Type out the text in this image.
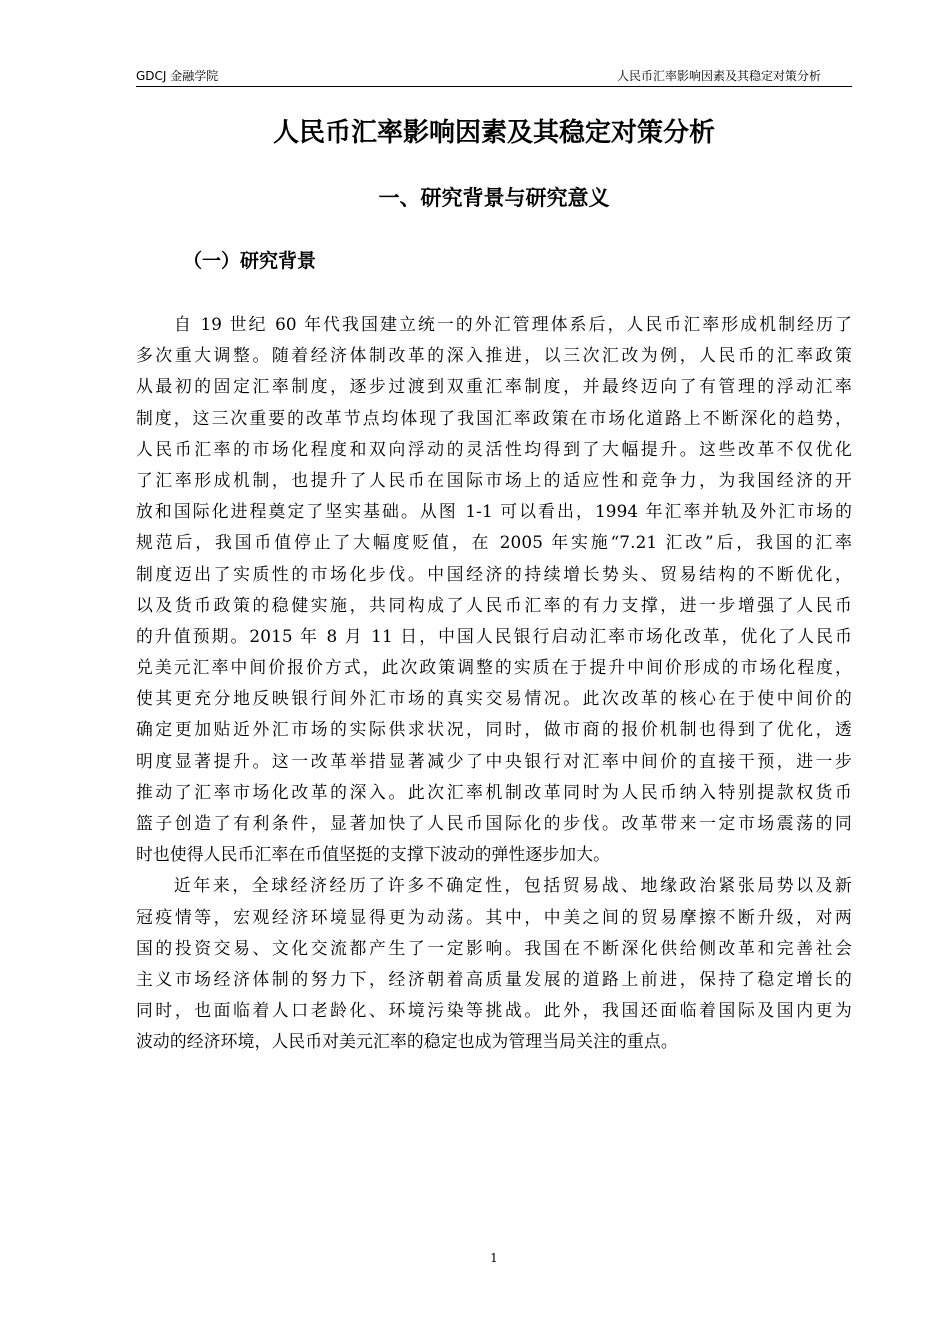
GDCJ 金融学院	人民币汇率影响因素及其稳定对策分析
人民币汇率影响因素及其稳定对策分析
一、研究背景与研究意义
（一）研究背景
自 19 世纪 60 年代我国建立统一的外汇管理体系后，人民币汇率形成机制经历了
多次重大调整。随着经济体制改革的深入推进，以三次汇改为例，人民币的汇率政策
从最初的固定汇率制度，逐步过渡到双重汇率制度，并最终迈向了有管理的浮动汇率
制度，这三次重要的改革节点均体现了我国汇率政策在市场化道路上不断深化的趋势，
人民币汇率的市场化程度和双向浮动的灵活性均得到了大幅提升。这些改革不仅优化
了汇率形成机制，也提升了人民币在国际市场上的适应性和竞争力，为我国经济的开
放和国际化进程奠定了坚实基础。从图 1-1 可以看出，1994 年汇率并轨及外汇市场的
规范后，我国币值停止了大幅度贬值，在 2005 年实施“7.21 汇改”后，我国的汇率
制度迈出了实质性的市场化步伐。中国经济的持续增长势头、贸易结构的不断优化，
以及货币政策的稳健实施，共同构成了人民币汇率的有力支撑，进一步增强了人民币
的升值预期。2015 年 8 月 11 日，中国人民银行启动汇率市场化改革，优化了人民币
兑美元汇率中间价报价方式，此次政策调整的实质在于提升中间价形成的市场化程度，
使其更充分地反映银行间外汇市场的真实交易情况。此次改革的核心在于使中间价的
确定更加贴近外汇市场的实际供求状况，同时，做市商的报价机制也得到了优化，透
明度显著提升。这一改革举措显著减少了中央银行对汇率中间价的直接干预，进一步
推动了汇率市场化改革的深入。此次汇率机制改革同时为人民币纳入特别提款权货币
篮子创造了有利条件，显著加快了人民币国际化的步伐。改革带来一定市场震荡的同
时也使得人民币汇率在币值坚挺的支撑下波动的弹性逐步加大。
近年来，全球经济经历了许多不确定性，包括贸易战、地缘政治紧张局势以及新
冠疫情等，宏观经济环境显得更为动荡。其中，中美之间的贸易摩擦不断升级，对两
国的投资交易、文化交流都产生了一定影响。我国在不断深化供给侧改革和完善社会
主义市场经济体制的努力下，经济朝着高质量发展的道路上前进，保持了稳定增长的
同时，也面临着人口老龄化、环境污染等挑战。此外，我国还面临着国际及国内更为
波动的经济环境，人民币对美元汇率的稳定也成为管理当局关注的重点。
1
